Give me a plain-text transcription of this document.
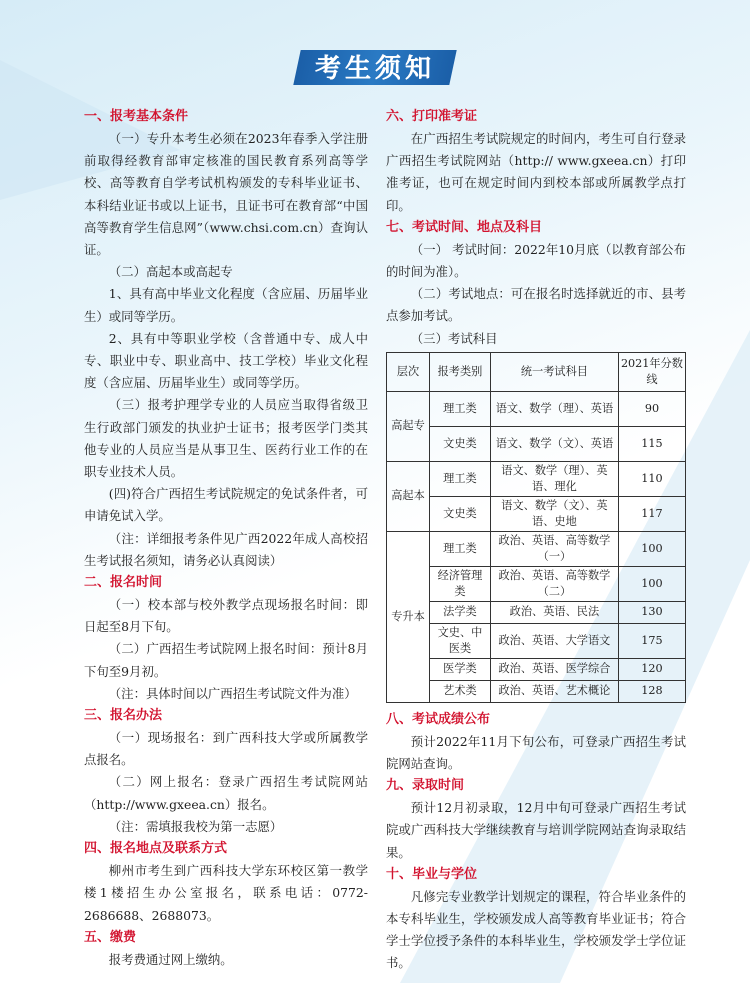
考生须知
一、报考基本条件

（一）专升本考生必须在2023年春季入学注册前取得经教育部审定核准的国民教育系列高等学校、高等教育自学考试机构颁发的专科毕业证书、本科结业证书或以上证书，且证书可在教育部“中国高等教育学生信息网”（www.chsi.com.cn）查询认证。

（二）高起本或高起专

1、具有高中毕业文化程度（含应届、历届毕业生）或同等学历。

2、具有中等职业学校（含普通中专、成人中专、职业中专、职业高中、技工学校）毕业文化程度（含应届、历届毕业生）或同等学历。

（三）报考护理学专业的人员应当取得省级卫生行政部门颁发的执业护士证书；报考医学门类其他专业的人员应当是从事卫生、医药行业工作的在职专业技术人员。

(四)符合广西招生考试院规定的免试条件者，可申请免试入学。

（注：详细报考条件见广西2022年成人高校招生考试报名须知，请务必认真阅读）

二、报名时间

（一）校本部与校外教学点现场报名时间：即日起至8月下旬。

（二）广西招生考试院网上报名时间：预计8月下旬至9月初。

（注：具体时间以广西招生考试院文件为准）

三、报名办法

（一）现场报名：到广西科技大学或所属教学点报名。

（二）网上报名：登录广西招生考试院网站（http://www.gxeea.cn）报名。

（注：需填报我校为第一志愿）

四、报名地点及联系方式

柳州市考生到广西科技大学东环校区第一教学楼1楼招生办公室报名，联系电话：0772-2686688、2688073。

五、缴费

报考费通过网上缴纳。

六、打印准考证

在广西招生考试院规定的时间内，考生可自行登录广西招生考试院网站（http:// www.gxeea.cn）打印准考证，也可在规定时间内到校本部或所属教学点打印。

七、考试时间、地点及科目

（一） 考试时间：2022年10月底（以教育部公布的时间为准）。

（二）考试地点：可在报名时选择就近的市、县考点参加考试。

（三）考试科目

层次	报考类别	统一考试科目	2021年分数线
高起专	理工类	语文、数学（理）、英语	90
	文史类	语文、数学（文）、英语	115
高起本	理工类	语文、数学（理）、英语、理化	110
	文史类	语文、数学（文）、英语、史地	117
专升本	理工类	政治、英语、高等数学（一）	100
	经济管理类	政治、英语、高等数学（二）	100
	法学类	政治、英语、民法	130
	文史、中医类	政治、英语、大学语文	175
	医学类	政治、英语、医学综合	120
	艺术类	政治、英语、艺术概论	128
八、考试成绩公布

预计2022年11月下旬公布，可登录广西招生考试院网站查询。

九、录取时间

预计12月初录取，12月中旬可登录广西招生考试院或广西科技大学继续教育与培训学院网站查询录取结果。

十、毕业与学位

凡修完专业教学计划规定的课程，符合毕业条件的本专科毕业生，学校颁发成人高等教育毕业证书；符合学士学位授予条件的本科毕业生，学校颁发学士学位证书。
